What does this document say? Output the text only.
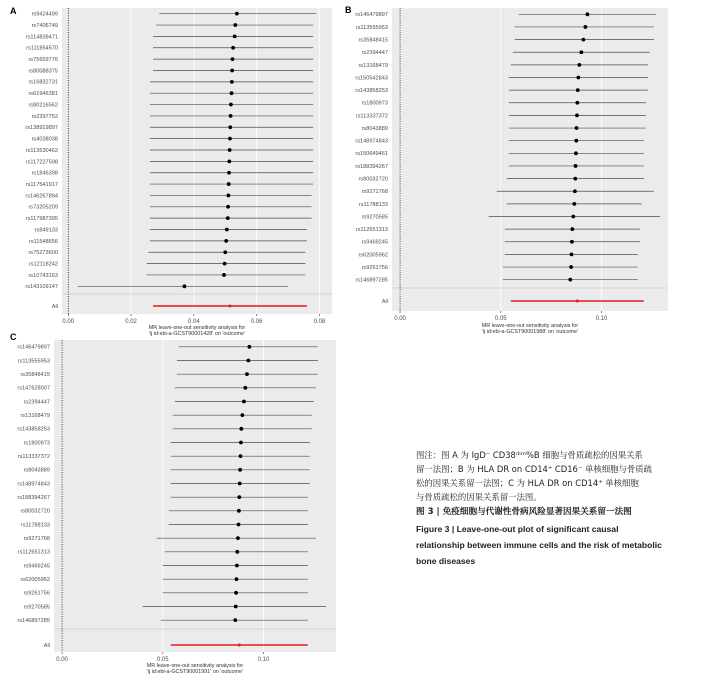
A	rs9424499
rs7406749
rs114839471
rs111854570
rs75659776
rs80088375
rs16832731
rs61946381
rs80216562
rs2397752
rs138919897
rs4038038
rs113530462
rs117227598
rs1846398
rs117541917
rs146267894
rs73205209
rs117987395
rs849133
rs11548656
rs75273600
rs12118242
rs10743163
rs143109147
All
0.00	0.02	0.04	0.06	0.08
MR leave-one-out sensitivity analysis for 'ij id:ebi-a-GCST90001428' on 'outcome'
B
rs146479897
rs113555953
rs35848415
rs2394447
rs13168479
rs150542843
rs143858253
rs1800973
rs113337372
rs8043889
rs148974843
rs150649461
rs188394267
rs80032720
rs9271768
rs11788133
rs9270585
rs112651313
rs9469245
rs62005962
rs9261756
rs146897285
All
0.00	0.05	0.10
MR leave-one-out sensitivity analysis for 'ij id:ebi-a-GCST90001988' on 'outcome'
C
rs146479897
rs113555953
rs35848415
rs147628007
rs2394447
rs13168479
rs143858253
rs1800973
rs113337372
rs8043889
rs148974843
rs188394267
rs80032720
rs11788133
rs9271768
rs112651313
rs9469245
rs62005962
rs9261756
rs9270585
rs146897285
All
0.00	0.05	0.10
MR leave-one-out sensitivity analysis for 'ij id:ebi-a-GCST90001991' on 'outcome'

图注：图 A 为 IgD⁻ CD38ᵈⁱᵐ%B 细胞与骨质疏松的因果关系
留一法图；B 为 HLA DR on CD14⁺ CD16⁻ 单核细胞与骨质疏
松的因果关系留一法图；C 为 HLA DR on CD14⁺ 单核细胞
与骨质疏松的因果关系留一法图。

图 3 | 免疫细胞与代谢性骨病风险显著因果关系留一法图

Figure 3 | Leave-one-out plot of significant causal
relationship between immune cells and the risk of metabolic
bone diseases
